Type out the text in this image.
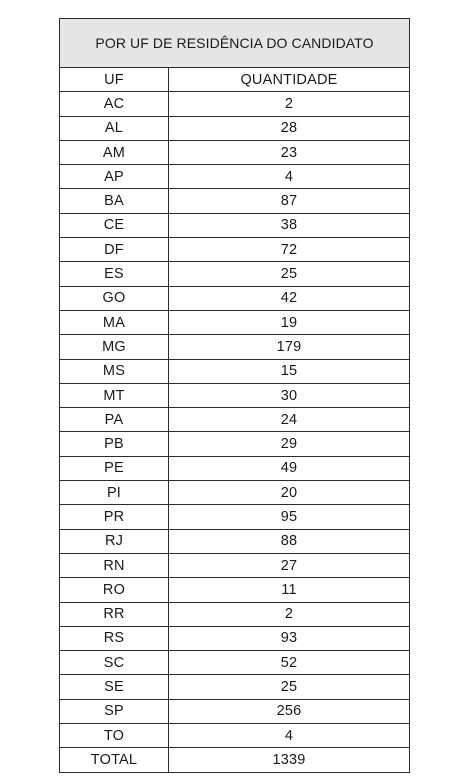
POR UF DE RESIDÊNCIA DO CANDIDATO	
UF	QUANTIDADE
AC	2
AL	28
AM	23
AP	4
BA	87
CE	38
DF	72
ES	25
GO	42
MA	19
MG	179
MS	15
MT	30
PA	24
PB	29
PE	49
PI	20
PR	95
RJ	88
RN	27
RO	11
RR	2
RS	93
SC	52
SE	25
SP	256
TO	4
TOTAL	1339
